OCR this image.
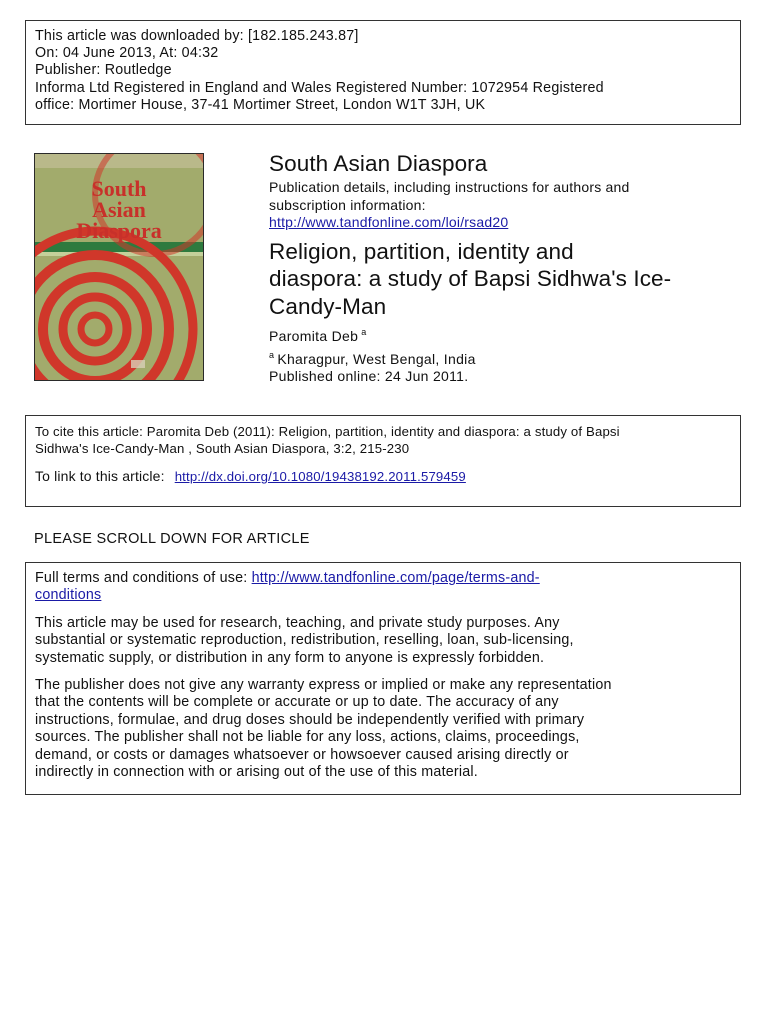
This article was downloaded by: [182.185.243.87]
On: 04 June 2013, At: 04:32
Publisher: Routledge
Informa Ltd Registered in England and Wales Registered Number: 1072954 Registered
office: Mortimer House, 37-41 Mortimer Street, London W1T 3JH, UK
South
Asian
Diaspora
South Asian Diaspora
Publication details, including instructions for authors and
subscription information:
http://www.tandfonline.com/loi/rsad20
Religion, partition, identity and
diaspora: a study of Bapsi Sidhwa's Ice-
Candy-Man
Paromita Deb $^a$
$^a$ Kharagpur, West Bengal, India
Published online: 24 Jun 2011.
To cite this article: Paromita Deb (2011): Religion, partition, identity and diaspora: a study of Bapsi
Sidhwa's Ice-Candy-Man , South Asian Diaspora, 3:2, 215-230
To link to this article: http://dx.doi.org/10.1080/19438192.2011.579459
PLEASE SCROLL DOWN FOR ARTICLE

Full terms and conditions of use: http://www.tandfonline.com/page/terms-and-
conditions

This article may be used for research, teaching, and private study purposes. Any
substantial or systematic reproduction, redistribution, reselling, loan, sub-licensing,
systematic supply, or distribution in any form to anyone is expressly forbidden.

The publisher does not give any warranty express or implied or make any representation
that the contents will be complete or accurate or up to date. The accuracy of any
instructions, formulae, and drug doses should be independently verified with primary
sources. The publisher shall not be liable for any loss, actions, claims, proceedings,
demand, or costs or damages whatsoever or howsoever caused arising directly or
indirectly in connection with or arising out of the use of this material.
